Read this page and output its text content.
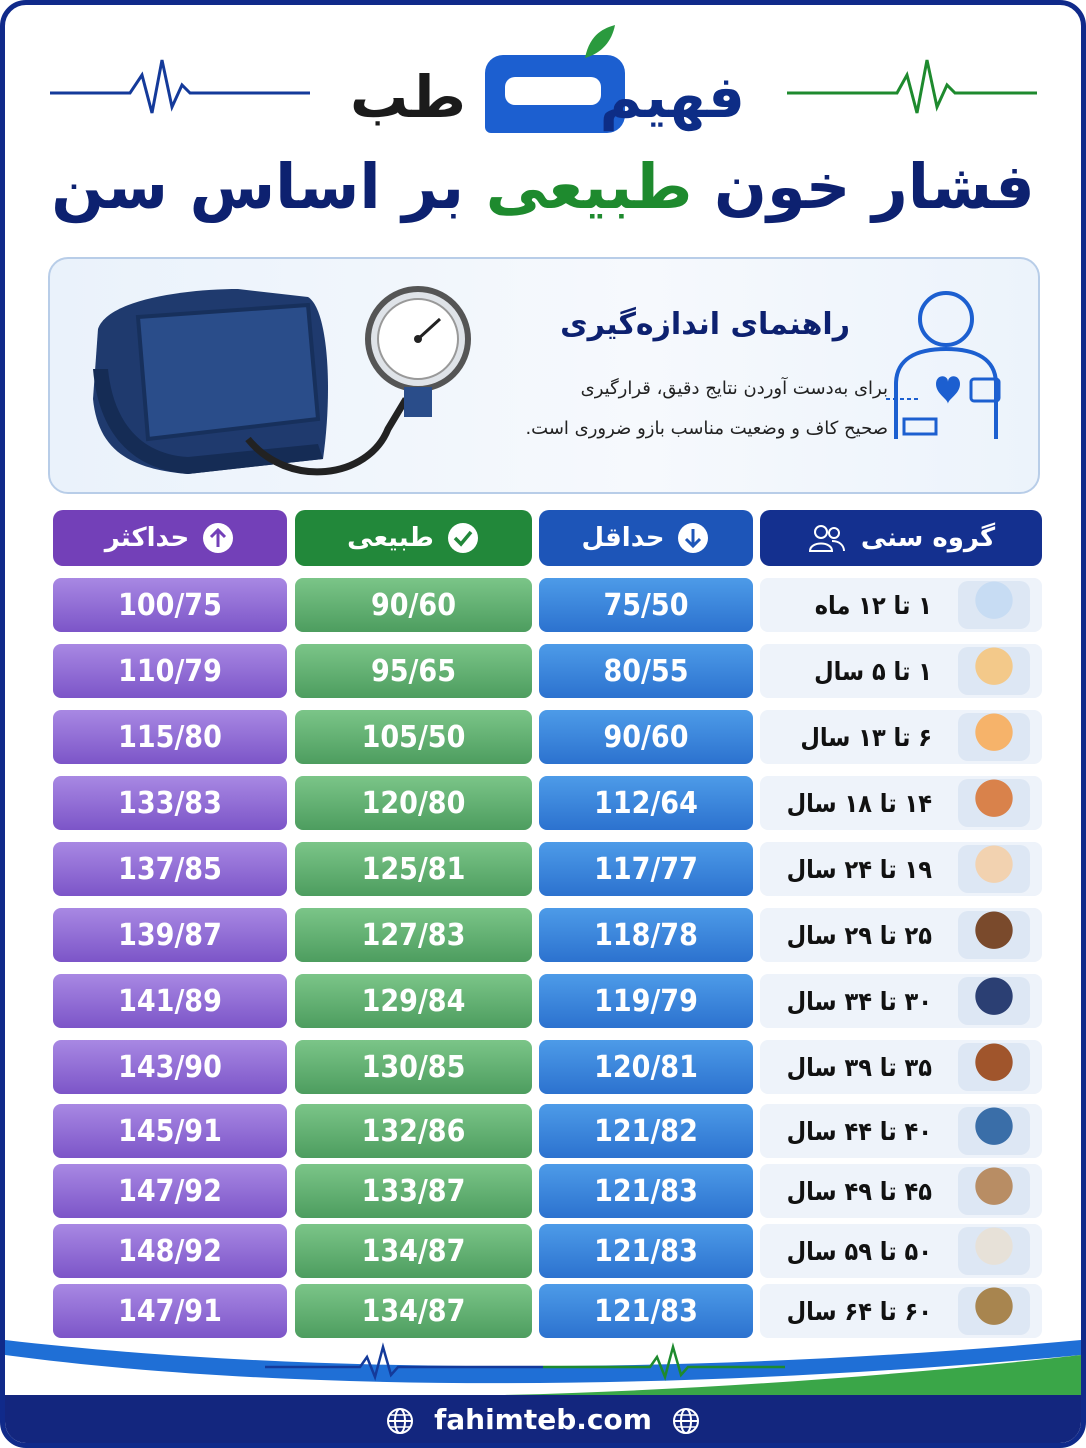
فهیم
طب
فشار خون طبیعی بر اساس سن
راهنمای اندازه‌گیری
برای به‌دست آوردن نتایج دقیق، قرارگیری
صحیح کاف و وضعیت مناسب بازو ضروری است.
گروه سنی
حداقل
طبیعی
حداکثر
۱ تا ۱۲ ماه
75/50
90/60
100/75
۱ تا ۵ سال
80/55
95/65
110/79
۶ تا ۱۳ سال
90/60
105/50
115/80
۱۴ تا ۱۸ سال
112/64
120/80
133/83
۱۹ تا ۲۴ سال
117/77
125/81
137/85
۲۵ تا ۲۹ سال
118/78
127/83
139/87
۳۰ تا ۳۴ سال
119/79
129/84
141/89
۳۵ تا ۳۹ سال
120/81
130/85
143/90
۴۰ تا ۴۴ سال
121/82
132/86
145/91
۴۵ تا ۴۹ سال
121/83
133/87
147/92
۵۰ تا ۵۹ سال
121/83
134/87
148/92
۶۰ تا ۶۴ سال
121/83
134/87
147/91
fahimteb.com
